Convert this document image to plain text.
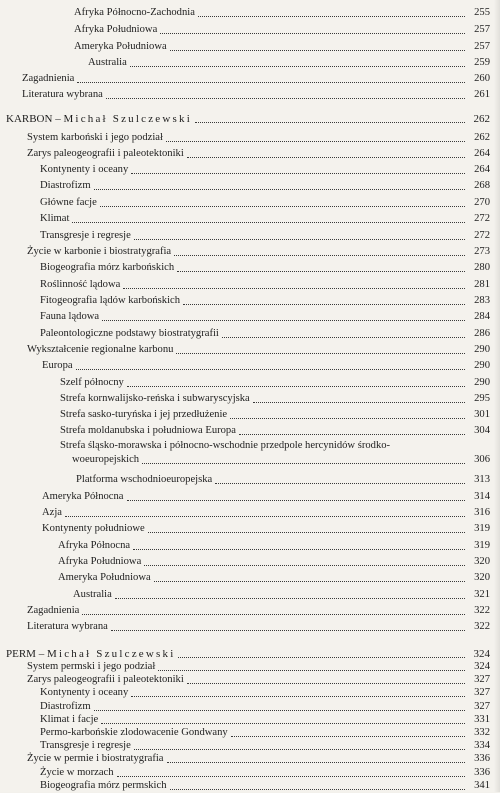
Afryka Północno-Zachodnia	255
Afryka Południowa	257
Ameryka Południowa	257
Australia	259
Zagadnienia	260
Literatura wybrana	261
KARBON – Michał Szulczewski	262
System karboński i jego podział	262
Zarys paleogeografii i paleotektoniki	264
Kontynenty i oceany	264
Diastrofizm	268
Główne facje	270
Klimat	272
Transgresje i regresje	272
Życie w karbonie i biostratygrafia	273
Biogeografia mórz karbońskich	280
Roślinność lądowa	281
Fitogeografia lądów karbońskich	283
Fauna lądowa	284
Paleontologiczne podstawy biostratygrafii	286
Wykształcenie regionalne karbonu	290
Europa	290
Szelf północny	290
Strefa kornwalijsko-reńska i subwaryscyjska	295
Strefa sasko-turyńska i jej przedłużenie	301
Strefa moldanubska i południowa Europa	304
Strefa śląsko-morawska i północno-wschodnie przedpole hercynidów środko-
woeuropejskich	306
Platforma wschodnioeuropejska	313
Ameryka Północna	314
Azja	316
Kontynenty południowe	319
Afryka Północna	319
Afryka Południowa	320
Ameryka Południowa	320
Australia	321
Zagadnienia	322
Literatura wybrana	322
PERM – Michał Szulczewski	324
System permski i jego podział	324
Zarys paleogeografii i paleotektoniki	327
Kontynenty i oceany	327
Diastrofizm	327
Klimat i facje	331
Permo-karbońskie zlodowacenie Gondwany	332
Transgresje i regresje	334
Życie w permie i biostratygrafia	336
Życie w morzach	336
Biogeografia mórz permskich	341
